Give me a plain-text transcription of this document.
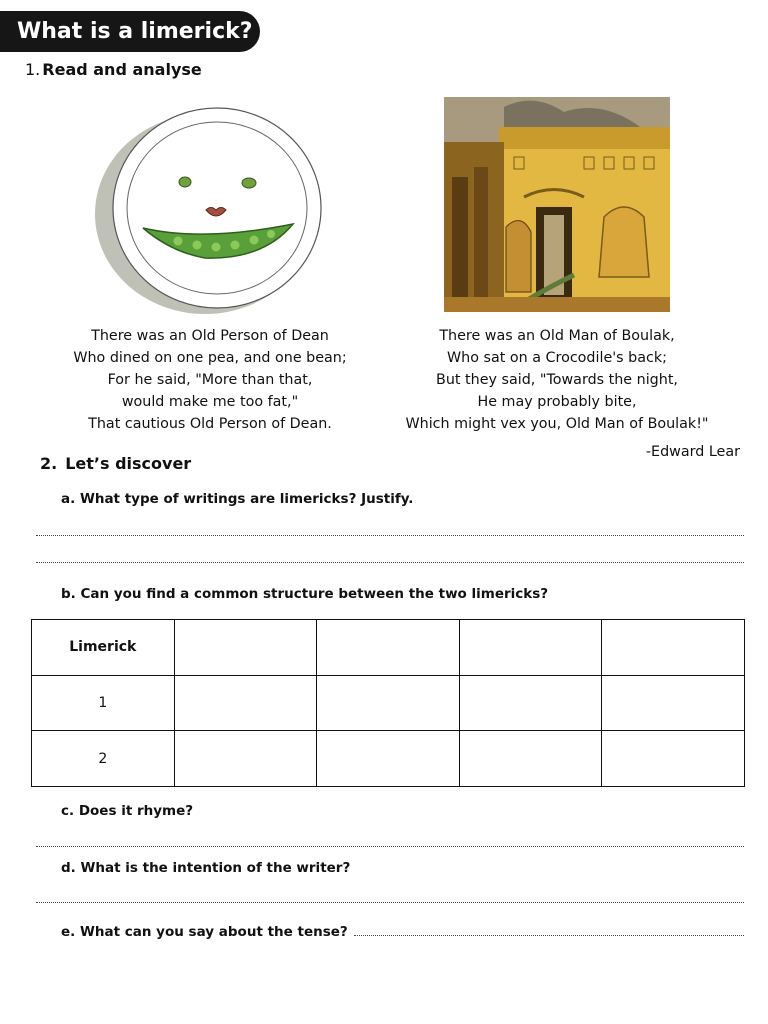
What is a limerick?
1. Read and analyse
There was an Old Person of Dean
Who dined on one pea, and one bean;
For he said, "More than that,
would make me too fat,"
That cautious Old Person of Dean.
There was an Old Man of Boulak,
Who sat on a Crocodile's back;
But they said, "Towards the night,
He may probably bite,
Which might vex you, Old Man of Boulak!"
-Edward Lear
2. Let’s discover
a. What type of writings are limericks? Justify.
b. Can you find a common structure between the two limericks?
Limerick				
1				
2				
c. Does it rhyme?
d. What is the intention of the writer?
e. What can you say about the tense?
